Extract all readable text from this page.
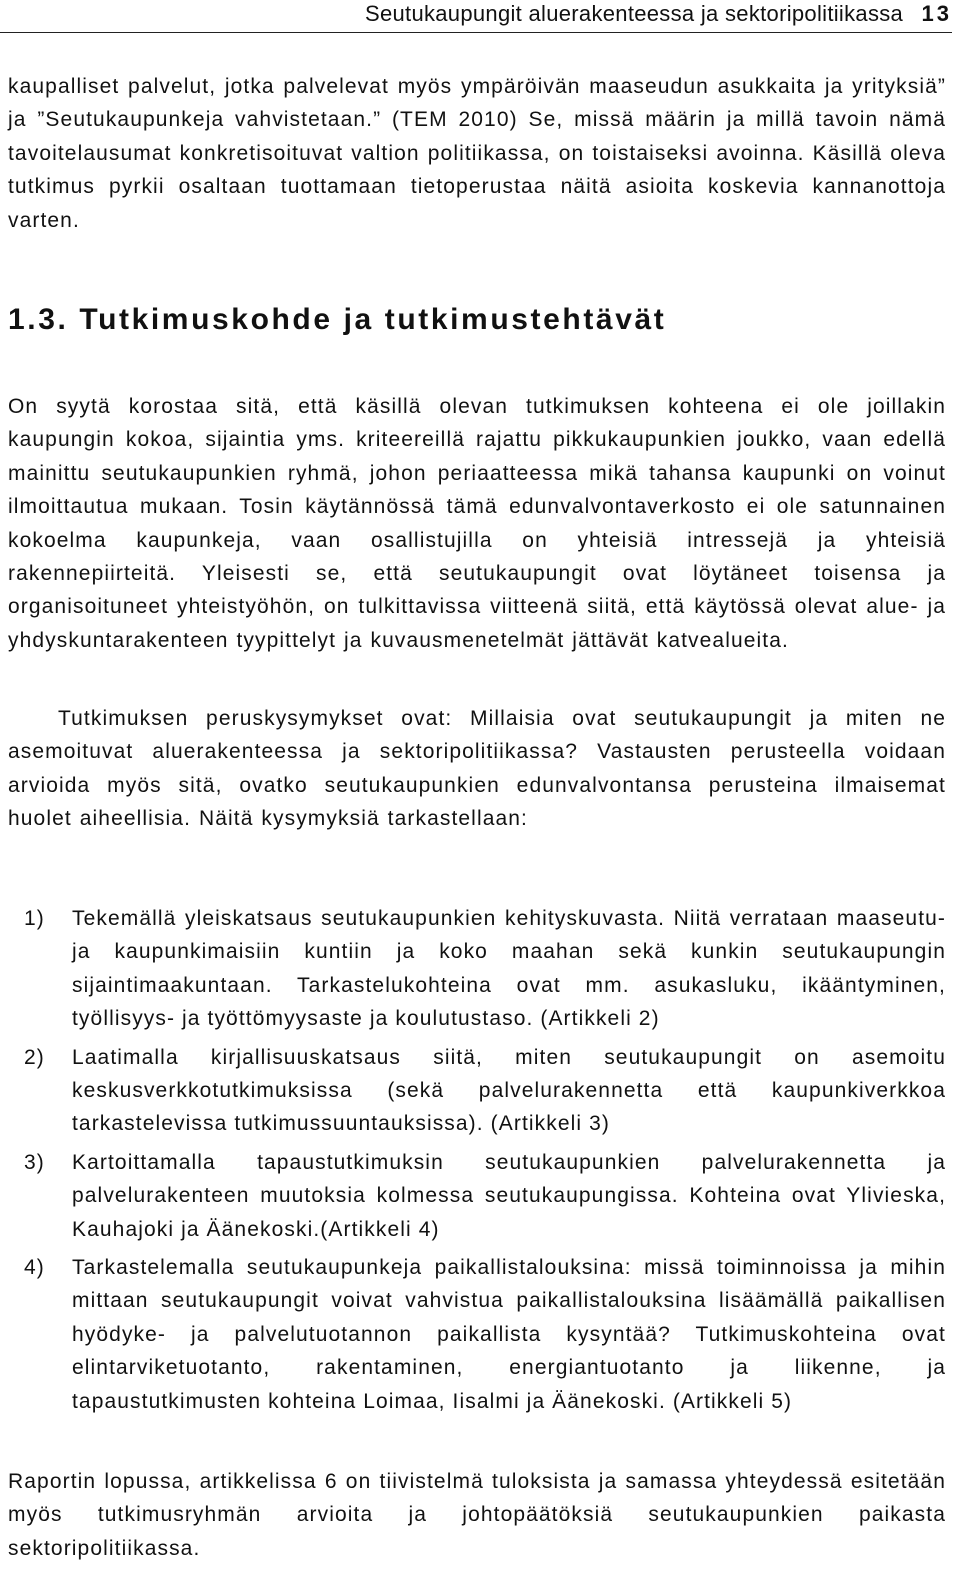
Seutukaupungit aluerakenteessa ja sektoripolitiikassa 13

kaupalliset palvelut, jotka palvelevat myös ympäröivän maaseudun asukkaita ja yrityksiä” ja ”Seutukaupunkeja vahvistetaan.” (TEM 2010) Se, missä määrin ja millä tavoin nämä tavoitelausumat konkretisoituvat valtion politiikassa, on toistaiseksi avoinna. Käsillä oleva tutkimus pyrkii osaltaan tuottamaan tietoperustaa näitä asioita koskevia kannanottoja varten.

1.3. Tutkimuskohde ja tutkimustehtävät

On syytä korostaa sitä, että käsillä olevan tutkimuksen kohteena ei ole joillakin kaupungin kokoa, sijaintia yms. kriteereillä rajattu pikkukaupunkien joukko, vaan edellä mainittu seutukaupunkien ryhmä, johon periaatteessa mikä tahansa kaupunki on voinut ilmoittautua mukaan. Tosin käytännössä tämä edunvalvontaverkosto ei ole satunnainen kokoelma kaupunkeja, vaan osallistujilla on yhteisiä intressejä ja yhteisiä rakennepiirteitä. Yleisesti se, että seutukaupungit ovat löytäneet toisensa ja organisoituneet yhteistyöhön, on tulkittavissa viitteenä siitä, että käytössä olevat alue- ja yhdyskuntarakenteen tyypittelyt ja kuvausmenetelmät jättävät katvealueita.

Tutkimuksen peruskysymykset ovat: Millaisia ovat seutukaupungit ja miten ne asemoituvat aluerakenteessa ja sektoripolitiikassa? Vastausten perusteella voidaan arvioida myös sitä, ovatko seutukaupunkien edunvalvontansa perusteina ilmaisemat huolet aiheellisia. Näitä kysymyksiä tarkastellaan:

1)	Tekemällä yleiskatsaus seutukaupunkien kehityskuvasta. Niitä verrataan maaseutu- ja kaupunkimaisiin kuntiin ja koko maahan sekä kunkin seutukaupungin sijaintimaakuntaan. Tarkastelukohteina ovat mm. asukasluku, ikääntyminen, työllisyys- ja työttömyysaste ja koulutustaso. (Artikkeli 2)
2)	Laatimalla kirjallisuuskatsaus siitä, miten seutukaupungit on asemoitu keskusverkkotutkimuksissa (sekä palvelurakennetta että kaupunkiverkkoa tarkastelevissa tutkimussuuntauksissa). (Artikkeli 3)
3)	Kartoittamalla tapaustutkimuksin seutukaupunkien palvelurakennetta ja palvelurakenteen muutoksia kolmessa seutukaupungissa. Kohteina ovat Ylivieska, Kauhajoki ja Äänekoski.(Artikkeli 4)
4)	Tarkastelemalla seutukaupunkeja paikallistalouksina: missä toiminnoissa ja mihin mittaan seutukaupungit voivat vahvistua paikallistalouksina lisäämällä paikallisen hyödyke- ja palvelutuotannon paikallista kysyntää? Tutkimuskohteina ovat elintarviketuotanto, rakentaminen, energiantuotanto ja liikenne, ja tapaustutkimusten kohteina Loimaa, Iisalmi ja Äänekoski. (Artikkeli 5)

Raportin lopussa, artikkelissa 6 on tiivistelmä tuloksista ja samassa yhteydessä esitetään myös tutkimusryhmän arvioita ja johtopäätöksiä seutukaupunkien paikasta sektoripolitiikassa.
